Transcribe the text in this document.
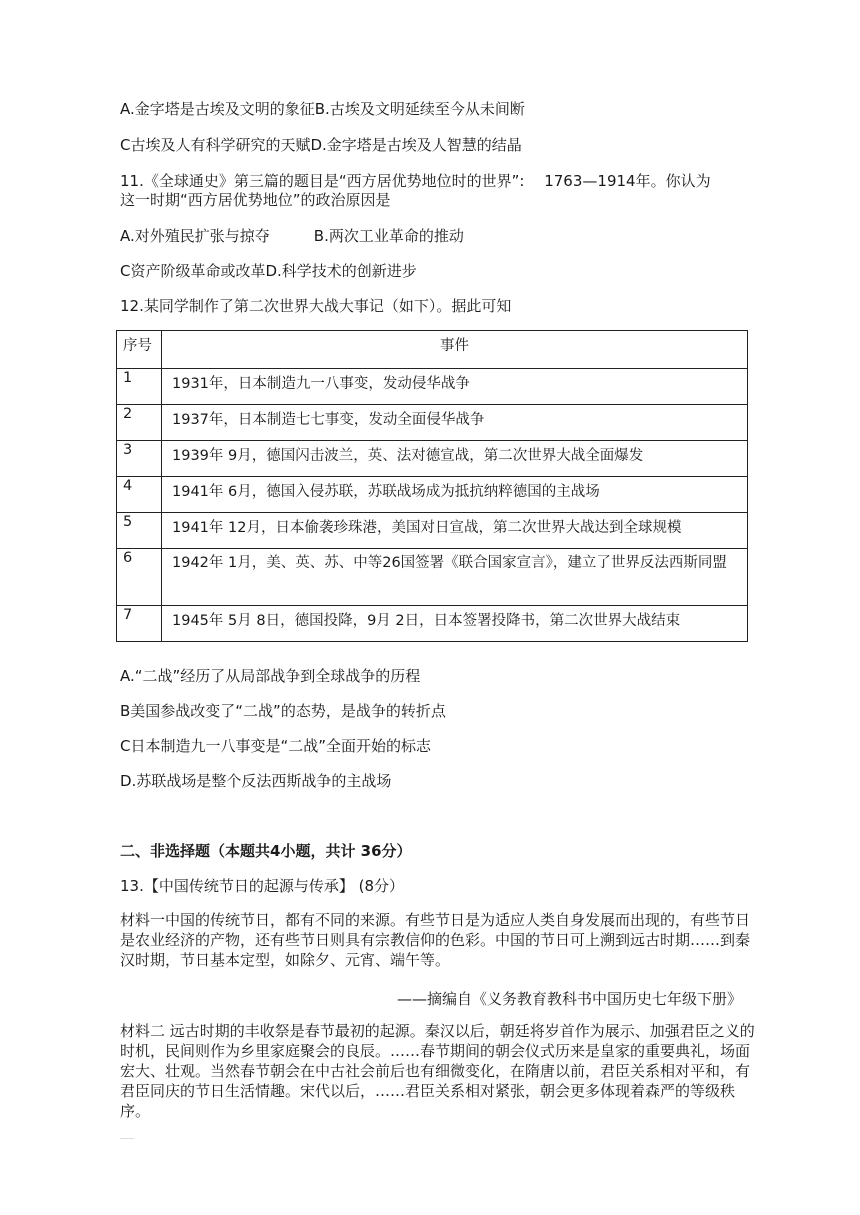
A.金字塔是古埃及文明的象征B.古埃及文明延续至今从未间断
C古埃及人有科学研究的天赋D.金字塔是古埃及人智慧的结晶
11.《全球通史》第三篇的题目是“西方居优势地位时的世界”:　 1763—1914年。你认为
这一时期“西方居优势地位”的政治原因是
A.对外殖民扩张与掠夺	B.两次工业革命的推动
C资产阶级革命或改革D.科学技术的创新进步
12.某同学制作了第二次世界大战大事记（如下）。据此可知
序号	事件
1	1931年，日本制造九一八事变，发动侵华战争
2	1937年，日本制造七七事变，发动全面侵华战争
3	1939年 9月，德国闪击波兰，英、法对德宣战，第二次世界大战全面爆发
4	1941年 6月，德国入侵苏联，苏联战场成为抵抗纳粹德国的主战场
5	1941年 12月，日本偷袭珍珠港，美国对日宣战，第二次世界大战达到全球规模
6	1942年 1月，美、英、苏、中等26国签署《联合国家宣言》，建立了世界反法西斯同盟
7	1945年 5月 8日，德国投降，9月 2日，日本签署投降书，第二次世界大战结束
A.“二战”经历了从局部战争到全球战争的历程
B美国参战改变了“二战”的态势，是战争的转折点
C日本制造九一八事变是“二战”全面开始的标志
D.苏联战场是整个反法西斯战争的主战场
二、非选择题（本题共4小题，共计 36分）
13.【中国传统节日的起源与传承】 (8分）
材料一中国的传统节日，都有不同的来源。有些节日是为适应人类自身发展而出现的，有些节日是农业经济的产物，还有些节日则具有宗教信仰的色彩。中国的节日可上溯到远古时期……到秦汉时期，节日基本定型，如除夕、元宵、端午等。
——摘编自《义务教育教科书中国历史七年级下册》
材料二 远古时期的丰收祭是春节最初的起源。秦汉以后，朝廷将岁首作为展示、加强君臣之义的时机，民间则作为乡里家庭聚会的良辰。……春节期间的朝会仪式历来是皇家的重要典礼，场面宏大、壮观。当然春节朝会在中古社会前后也有细微变化，在隋唐以前，君臣关系相对平和，有君臣同庆的节日生活情趣。宋代以后，……君臣关系相对紧张，朝会更多体现着森严的等级秩序。
